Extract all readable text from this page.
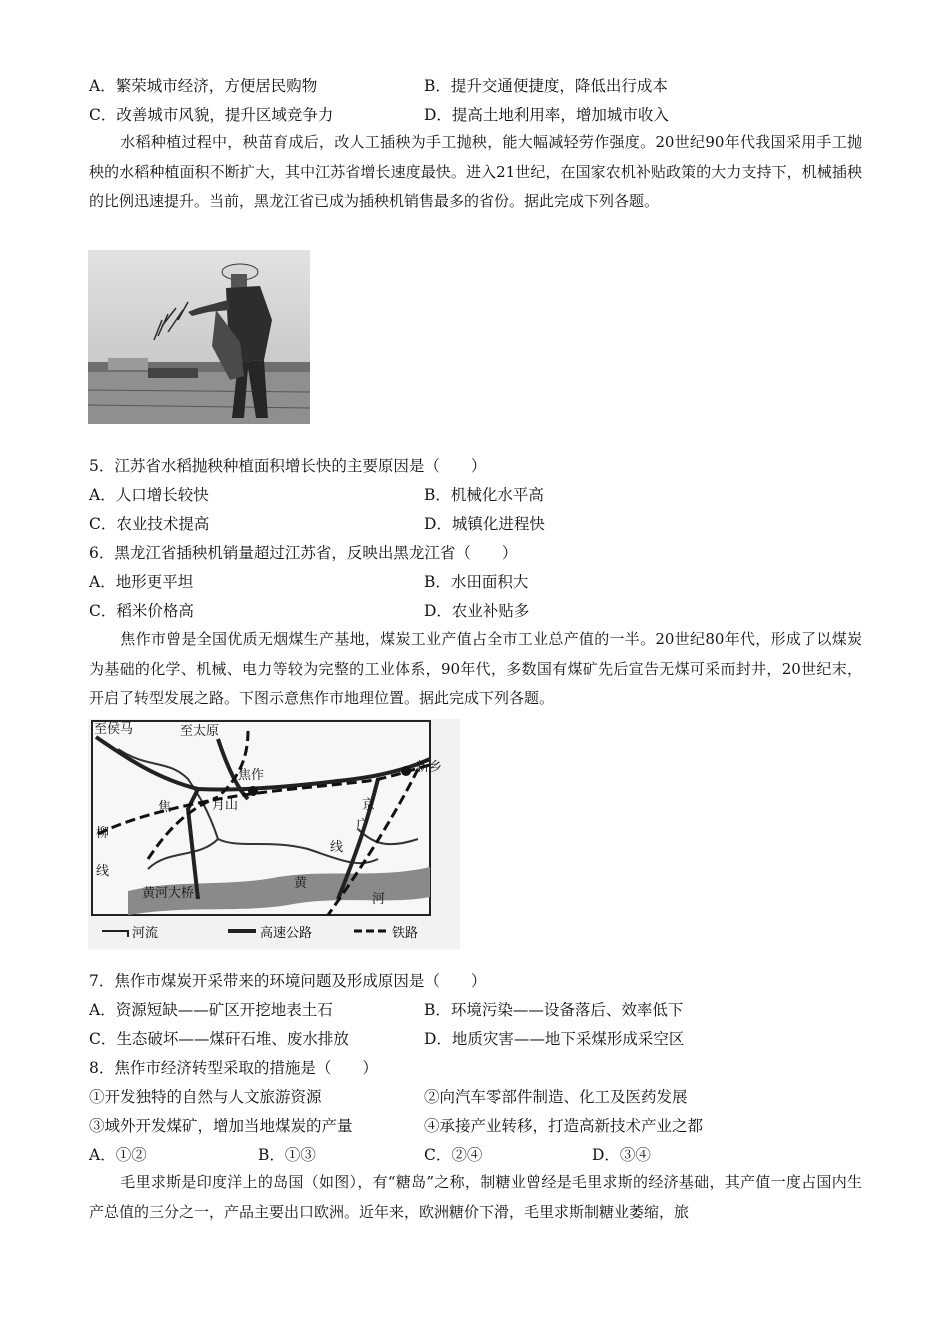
A．繁荣城市经济，方便居民购物	B．提升交通便捷度，降低出行成本
C．改善城市风貌，提升区域竞争力	D．提高土地利用率，增加城市收入
水稻种植过程中，秧苗育成后，改人工插秧为手工抛秧，能大幅减轻劳作强度。20世纪90年代我国采用手工抛秧的水稻种植面积不断扩大，其中江苏省增长速度最快。进入21世纪，在国家农机补贴政策的大力支持下，机械插秧的比例迅速提升。当前，黑龙江省已成为插秧机销售最多的省份。据此完成下列各题。
5．江苏省水稻抛秧种植面积增长快的主要原因是（　　）
A．人口增长较快	B．机械化水平高
C．农业技术提高	D．城镇化进程快
6．黑龙江省插秧机销量超过江苏省，反映出黑龙江省（　　）
A．地形更平坦	B．水田面积大
C．稻米价格高	D．农业补贴多
焦作市曾是全国优质无烟煤生产基地，煤炭工业产值占全市工业总产值的一半。20世纪80年代，形成了以煤炭为基础的化学、机械、电力等较为完整的工业体系，90年代，多数国有煤矿先后宣告无煤可采而封井，20世纪末，开启了转型发展之路。下图示意焦作市地理位置。据此完成下列各题。
至侯马	至太原
焦作
新乡
月山
焦	京
广
线
柳
线
黄河大桥
黄
河
河流	高速公路	铁路
7．焦作市煤炭开采带来的环境问题及形成原因是（　　）
A．资源短缺——矿区开挖地表土石	B．环境污染——设备落后、效率低下
C．生态破坏——煤矸石堆、废水排放	D．地质灾害——地下采煤形成采空区
8．焦作市经济转型采取的措施是（　　）
①开发独特的自然与人文旅游资源	②向汽车零部件制造、化工及医药发展
③域外开发煤矿，增加当地煤炭的产量	④承接产业转移，打造高新技术产业之都
A．①②	B．①③	C．②④	D．③④
毛里求斯是印度洋上的岛国（如图），有“糖岛”之称，制糖业曾经是毛里求斯的经济基础，其产值一度占国内生产总值的三分之一，产品主要出口欧洲。近年来，欧洲糖价下滑，毛里求斯制糖业萎缩，旅
